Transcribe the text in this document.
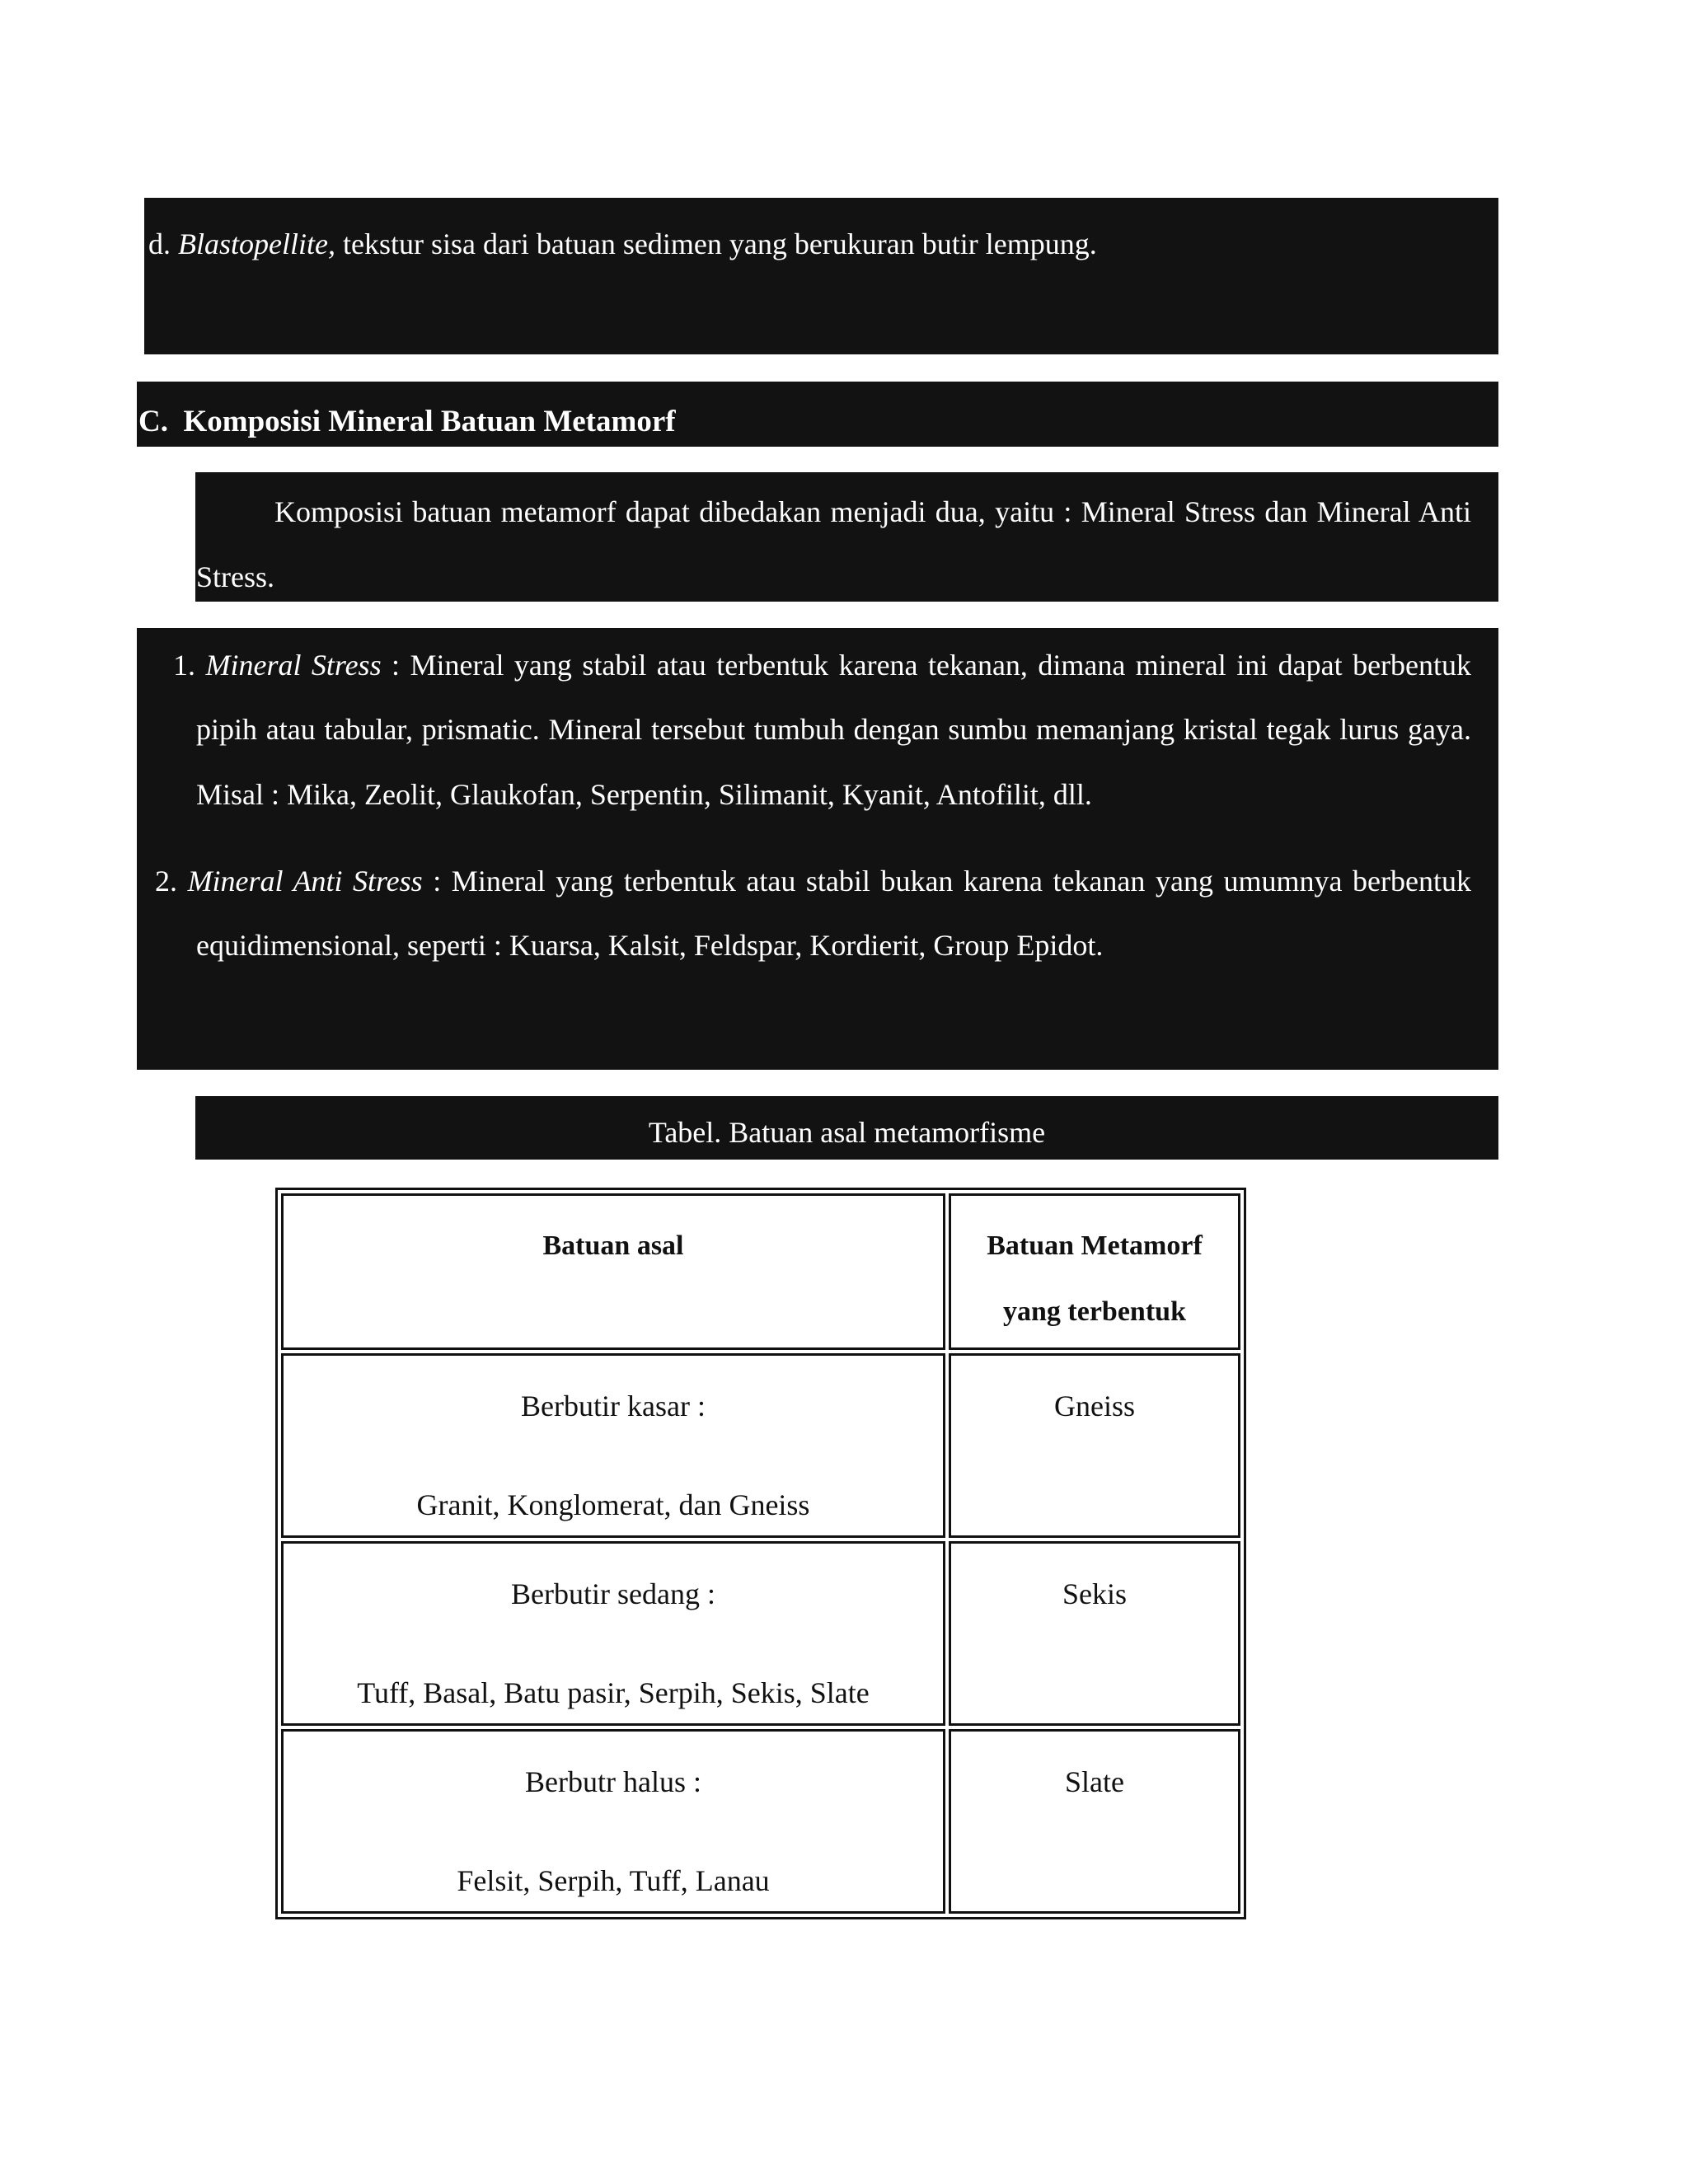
d. Blastopellite, tekstur sisa dari batuan sedimen yang berukuran butir lempung.
C. Komposisi Mineral Batuan Metamorf
Komposisi batuan metamorf dapat dibedakan menjadi dua, yaitu : Mineral Stress dan Mineral Anti
Stress.
1. Mineral Stress : Mineral yang stabil atau terbentuk karena tekanan, dimana mineral ini dapat berbentuk
pipih atau tabular, prismatic. Mineral tersebut tumbuh dengan sumbu memanjang kristal tegak lurus gaya.
Misal : Mika, Zeolit, Glaukofan, Serpentin, Silimanit, Kyanit, Antofilit, dll.
2. Mineral Anti Stress : Mineral yang terbentuk atau stabil bukan karena tekanan yang umumnya berbentuk
equidimensional, seperti : Kuarsa, Kalsit, Feldspar, Kordierit, Group Epidot.
Tabel. Batuan asal metamorfisme
Batuan asal	Batuan Metamorf
yang terbentuk

Berbutir kasar :
Granit, Konglomerat, dan Gneiss	Gneiss

Berbutir sedang :
Tuff, Basal, Batu pasir, Serpih, Sekis, Slate	Sekis

Berbutr halus :
Felsit, Serpih, Tuff, Lanau	Slate
